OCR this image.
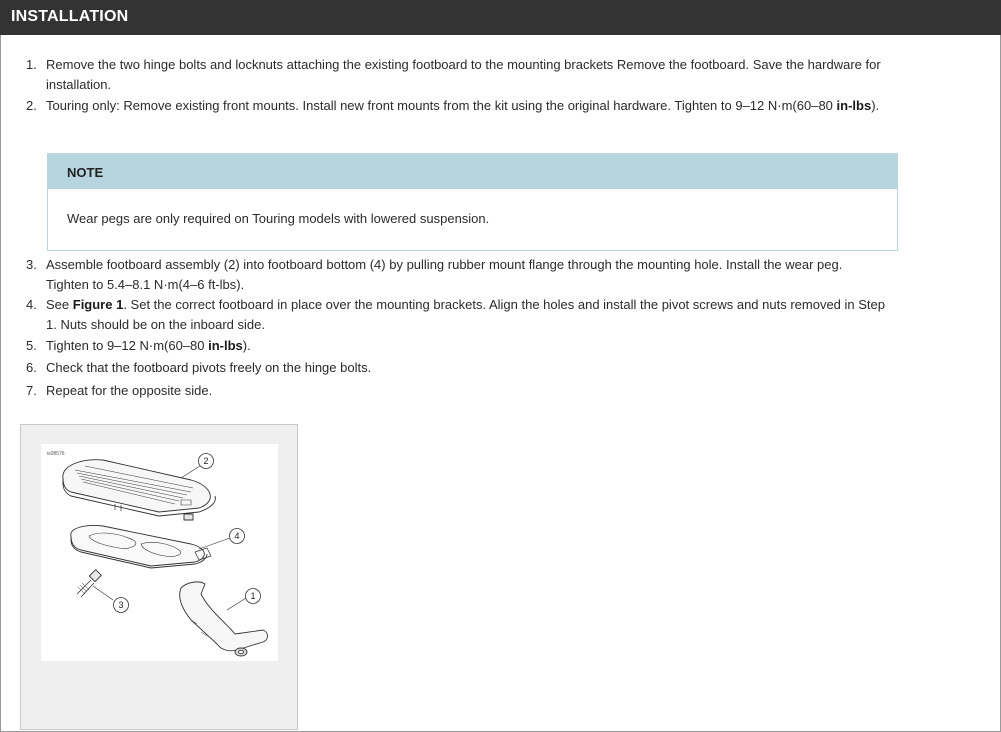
INSTALLATION
1. Remove the two hinge bolts and locknuts attaching the existing footboard to the mounting brackets Remove the footboard. Save the hardware for installation.
2. Touring only: Remove existing front mounts. Install new front mounts from the kit using the original hardware. Tighten to 9–12 N·m(60–80 in-lbs).
3. Assemble footboard assembly (2) into footboard bottom (4) by pulling rubber mount flange through the mounting hole. Install the wear peg. Tighten to 5.4–8.1 N·m(4–6 ft-lbs).
4. See Figure 1. Set the correct footboard in place over the mounting brackets. Align the holes and install the pivot screws and nuts removed in Step 1. Nuts should be on the inboard side.
5. Tighten to 9–12 N·m(60–80 in-lbs).
6. Check that the footboard pivots freely on the hinge bolts.
7. Repeat for the opposite side.
NOTE
Wear pegs are only required on Touring models with lowered suspension.
is08576
2
4
3
1
